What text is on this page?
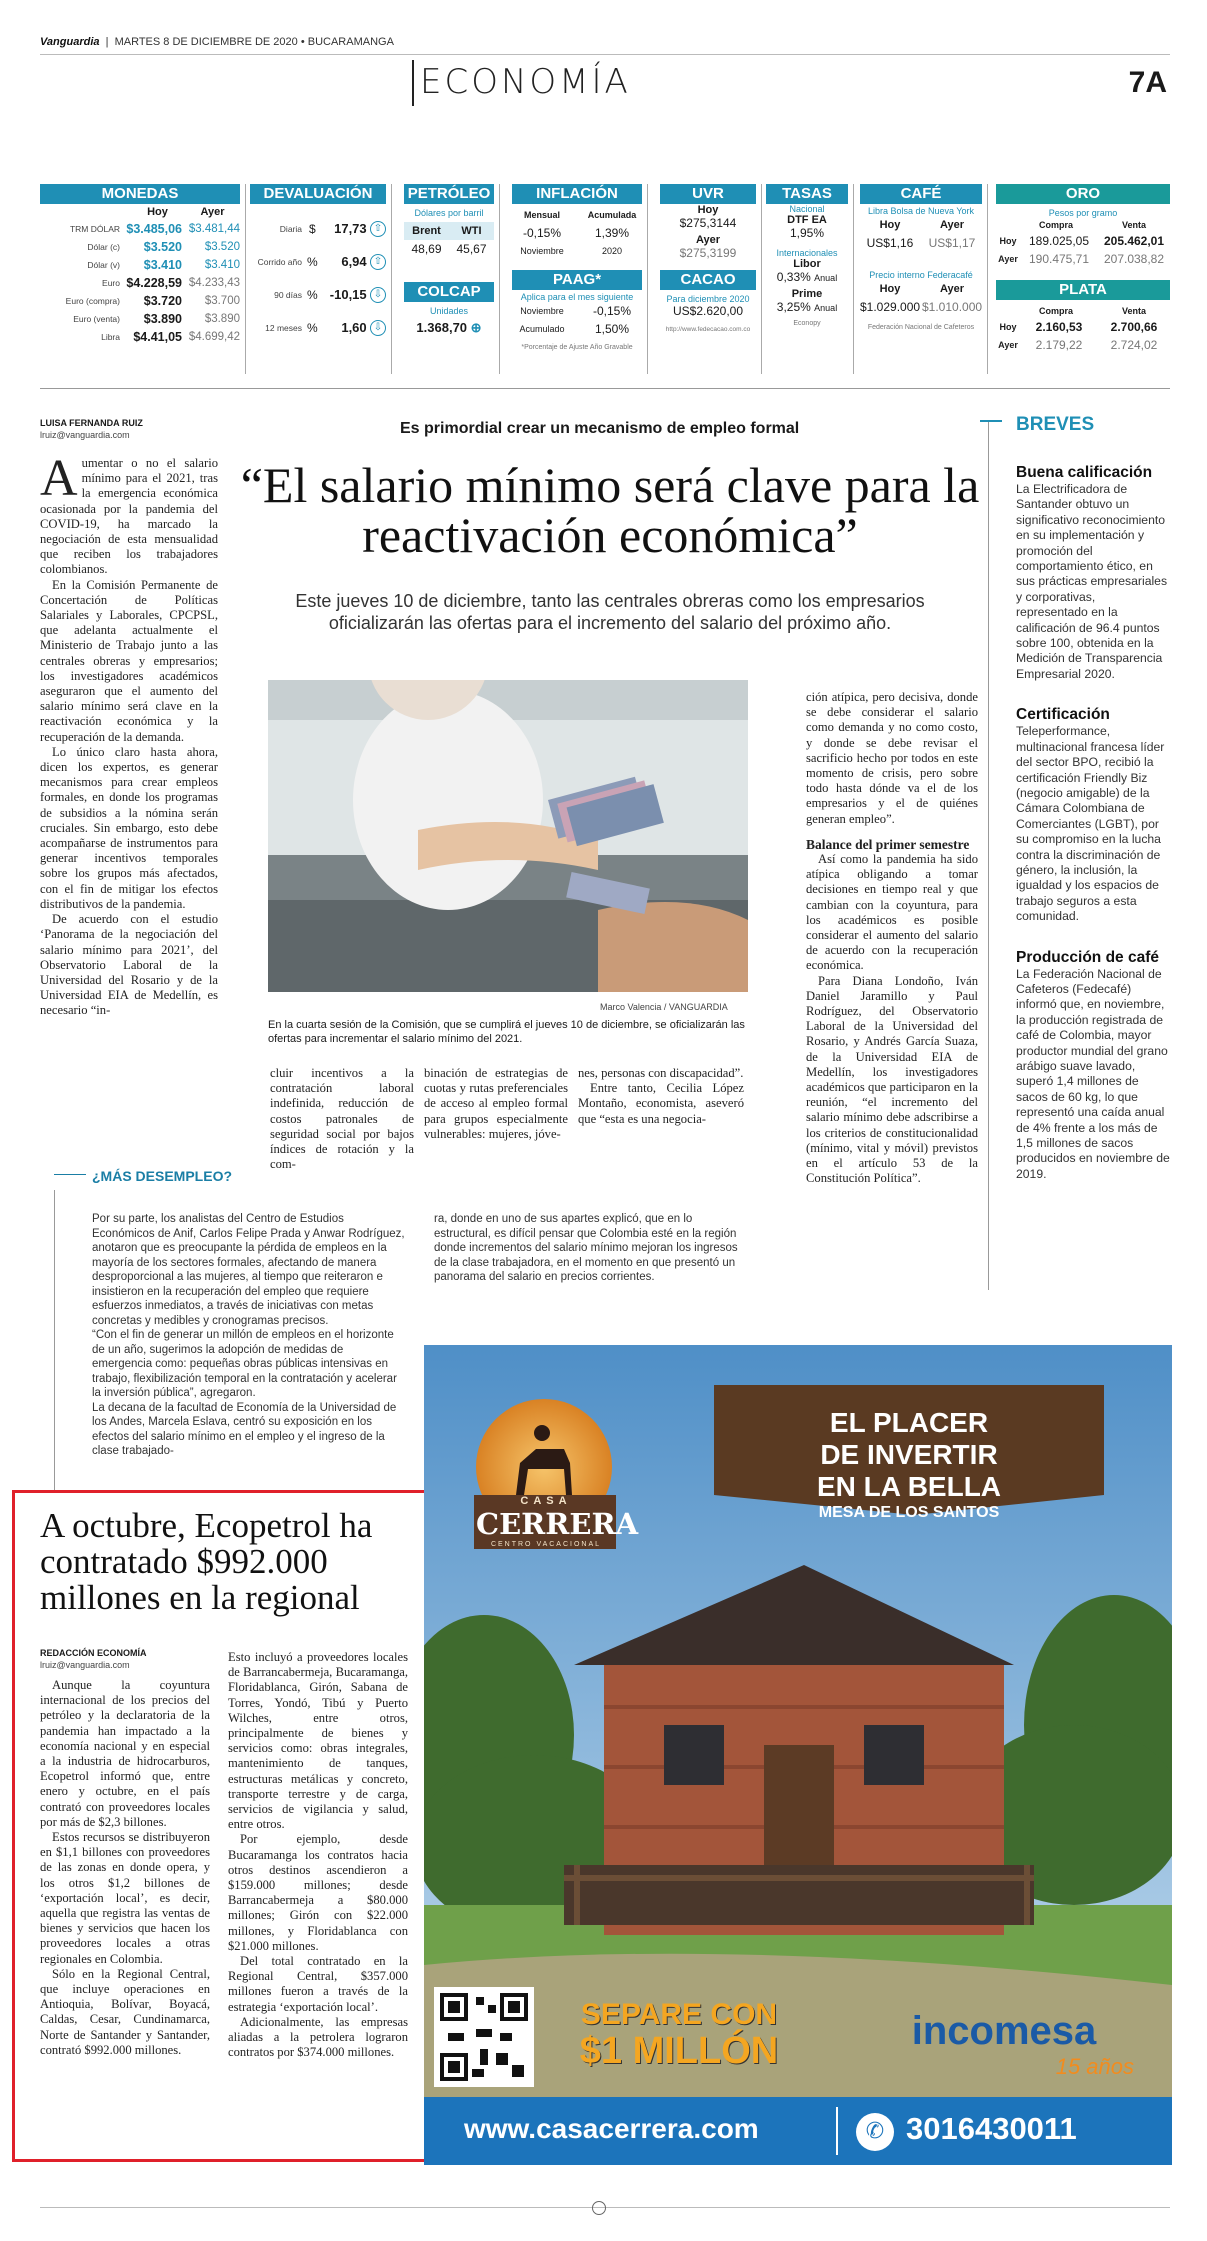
Vanguardia  |  MARTES 8 DE DICIEMBRE DE 2020 • BUCARAMANGA
ECONOMÍA	7A
MONEDAS
Hoy	Ayer
TRM DÓLAR $3.485,06 $3.481,44
Dólar (c)	$3.520	$3.520
Dólar (v)	$3.410	$3.410
Euro $4.228,59 $4.233,43
Euro (compra)	$3.720	$3.700
Euro (venta)	$3.890	$3.890
Libra	$4.41,05 $4.699,42
DEVALUACIÓN
Diaria $	17,73 ⇧
Corrido año %	6,94 ⇧
90 días % -10,15 ⇩
12 meses %	1,60 ⇩
PETRÓLEO
Dólares por barril
Brent	WTI
48,69	45,67
COLCAP
Unidades
1.368,70 ⊕
INFLACIÓN
Mensual	Acumulada
-0,15%	1,39%
Noviembre	2020
PAAG*
Aplica para el mes siguiente
Noviembre	-0,15%
Acumulado	1,50%
*Porcentaje de Ajuste Año Gravable
UVR
Hoy
$275,3144
Ayer
$275,3199
CACAO
Para diciembre 2020
US$2.620,00
http://www.fedecacao.com.co
TASAS
Nacional
DTF EA
1,95%
Internacionales
Libor
0,33% Anual
Prime
3,25% Anual
Econopy
CAFÉ
Libra Bolsa de Nueva York
Hoy	Ayer
US$1,16	US$1,17
Precio interno Federacafé
Hoy	Ayer
$1.029.000 $1.010.000
Federación Nacional de Cafeteros
ORO
Pesos por gramo
Compra	Venta
Hoy	189.025,05	205.462,01
Ayer 190.475,71	207.038,82
PLATA
Compra	Venta
Hoy	2.160,53	2.700,66
Ayer	2.179,22	2.724,02
LUISA FERNANDA RUIZ
lruiz@vanguardia.com	Es primordial crear un mecanismo de empleo formal
“El salario mínimo será clave para la reactivación económica”
Este jueves 10 de diciembre, tanto las centrales obreras como los empresarios oficializarán las ofertas para el incremento del salario del próximo año.
A umentar o no el salario mínimo para el 2021, tras la emergencia económica ocasionada por la pandemia del COVID-19, ha marcado la negociación de esta mensualidad que reciben los trabajadores colombianos.

En la Comisión Permanente de Concertación de Políticas Salariales y Laborales, CPCPSL, que adelanta actualmente el Ministerio de Trabajo junto a las centrales obreras y empresarios; los investigadores académicos aseguraron que el aumento del salario mínimo será clave en la reactivación económica y la recuperación de la demanda.

Lo único claro hasta ahora, dicen los expertos, es generar mecanismos para crear empleos formales, en donde los programas de subsidios a la nómina serán cruciales. Sin embargo, esto debe acompañarse de instrumentos para generar incentivos temporales sobre los grupos más afectados, con el fin de mitigar los efectos distributivos de la pandemia.

De acuerdo con el estudio ‘Panorama de la negociación del salario mínimo para 2021’, del Observatorio Laboral de la Universidad del Rosario y de la Universidad EIA de Medellín, es necesario “in-	Marco Valencia / VANGUARDIA
En la cuarta sesión de la Comisión, que se cumplirá el jueves 10 de diciembre, se oficializarán las ofertas para incrementar el salario mínimo del 2021.

cluir incentivos a la contratación laboral indefinida, reducción de costos patronales de seguridad social por bajos índices de rotación y la com-

binación de estrategias de cuotas y rutas preferenciales de acceso al empleo formal para grupos especialmente vulnerables: mujeres, jóve-

nes, personas con discapacidad”.

Entre tanto, Cecilia López Montaño, economista, aseveró que “esta es una negocia-

ción atípica, pero decisiva, donde se debe considerar el salario como demanda y no como costo, y donde se debe revisar el sacrificio hecho por todos en este momento de crisis, pero sobre todo hasta dónde va el de los empresarios y el de quiénes generan empleo”.

Balance del primer semestre

Así como la pandemia ha sido atípica obligando a tomar decisiones en tiempo real y que cambian con la coyuntura, para los académicos es posible considerar el aumento del salario de acuerdo con la recuperación económica.

Para Diana Londoño, Iván Daniel Jaramillo y Paul Rodríguez, del Observatorio Laboral de la Universidad del Rosario, y Andrés García Suaza, de la Universidad EIA de Medellín, los investigadores académicos que participaron en la reunión, “el incremento del salario mínimo debe adscribirse a los criterios de constitucionalidad (mínimo, vital y móvil) previstos en el artículo 53 de la Constitución Política”.

¿MÁS DESEMPLEO?

Por su parte, los analistas del Centro de Estudios Económicos de Anif, Carlos Felipe Prada y Anwar Rodríguez, anotaron que es preocupante la pérdida de empleos en la mayoría de los sectores formales, afectando de manera desproporcional a las mujeres, al tiempo que reiteraron e insistieron en la recuperación del empleo que requiere esfuerzos inmediatos, a través de iniciativas con metas concretas y medibles y cronogramas precisos.

“Con el fin de generar un millón de empleos en el horizonte de un año, sugerimos la adopción de medidas de emergencia como: pequeñas obras públicas intensivas en trabajo, flexibilización temporal en la contratación y acelerar la inversión pública”, agregaron.

La decana de la facultad de Economía de la Universidad de los Andes, Marcela Eslava, centró su exposición en los efectos del salario mínimo en el empleo y el ingreso de la clase trabajado-

ra, donde en uno de sus apartes explicó, que en lo estructural, es difícil pensar que Colombia esté en la región donde incrementos del salario mínimo mejoran los ingresos de la clase trabajadora, en el momento en que presentó un panorama del salario en precios corrientes.

BREVES
Buena calificación
La Electrificadora de Santander obtuvo un significativo reconocimiento en su implementación y promoción del comportamiento ético, en sus prácticas empresariales y corporativas, representado en la calificación de 96.4 puntos sobre 100, obtenida en la Medición de Transparencia Empresarial 2020.
Certificación
Teleperformance, multinacional francesa líder del sector BPO, recibió la certificación Friendly Biz (negocio amigable) de la Cámara Colombiana de Comerciantes (LGBT), por su compromiso en la lucha contra la discriminación de género, la inclusión, la igualdad y los espacios de trabajo seguros a esta comunidad.
Producción de café
La Federación Nacional de Cafeteros (Fedecafé) informó que, en noviembre, la producción registrada de café de Colombia, mayor productor mundial del grano arábigo suave lavado, superó 1,4 millones de sacos de 60 kg, lo que representó una caída anual de 4% frente a los más de 1,5 millones de sacos producidos en noviembre de 2019.
A octubre, Ecopetrol ha contratado $992.000 millones en la regional
REDACCIÓN ECONOMÍA
lruiz@vanguardia.com

Aunque la coyuntura internacional de los precios del petróleo y la declaratoria de la pandemia han impactado a la economía nacional y en especial a la industria de hidrocarburos, Ecopetrol informó que, entre enero y octubre, en el país contrató con proveedores locales por más de $2,3 billones.

Estos recursos se distribuyeron en $1,1 billones con proveedores de las zonas en donde opera, y los otros $1,2 billones de ‘exportación local’, es decir, aquella que registra las ventas de bienes y servicios que hacen los proveedores locales a otras regionales en Colombia.

Sólo en la Regional Central, que incluye operaciones en Antioquia, Bolívar, Boyacá, Caldas, Cesar, Cundinamarca, Norte de Santander y Santander, contrató $992.000 millones.

Esto incluyó a proveedores locales de Barrancabermeja, Bucaramanga, Floridablanca, Girón, Sabana de Torres, Yondó, Tibú y Puerto Wilches, entre otros, principalmente de bienes y servicios como: obras integrales, mantenimiento de tanques, estructuras metálicas y concreto, transporte terrestre y de carga, servicios de vigilancia y salud, entre otros.

Por ejemplo, desde Bucaramanga los contratos hacia otros destinos ascendieron a $159.000 millones; desde Barrancabermeja a $80.000 millones; Girón con $22.000 millones, y Floridablanca con $21.000 millones.

Del total contratado en la Regional Central, $357.000 millones fueron a través de la estrategia ‘exportación local’.

Adicionalmente, las empresas aliadas a la petrolera lograron contratos por $374.000 millones.

CASA
CERRERA
CENTRO VACACIONAL
EL PLACER
DE INVERTIR
EN LA BELLA
MESA DE LOS SANTOS
SEPARE CON
$1 MILLÓN	incomesa
15 años
www.casacerrera.com	✆ 3016430011
